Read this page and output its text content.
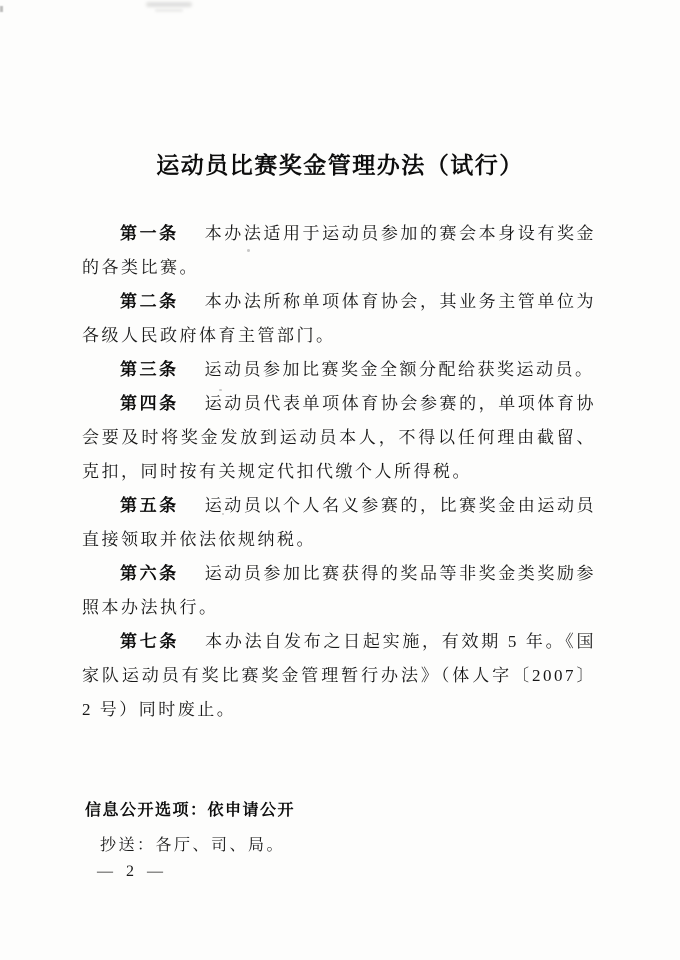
运动员比赛奖金管理办法（试行）

第一条 本办法适用于运动员参加的赛会本身设有奖金的各类比赛。

第二条 本办法所称单项体育协会，其业务主管单位为各级人民政府体育主管部门。

第三条 运动员参加比赛奖金全额分配给获奖运动员。

第四条 运动员代表单项体育协会参赛的，单项体育协会要及时将奖金发放到运动员本人，不得以任何理由截留、克扣，同时按有关规定代扣代缴个人所得税。

第五条 运动员以个人名义参赛的，比赛奖金由运动员直接领取并依法依规纳税。

第六条 运动员参加比赛获得的奖品等非奖金类奖励参照本办法执行。

第七条 本办法自发布之日起实施，有效期 5 年。《国家队运动员有奖比赛奖金管理暂行办法》（体人字〔2007〕2 号）同时废止。

信息公开选项：依申请公开
抄送：各厅、司、局。
— 2 —
